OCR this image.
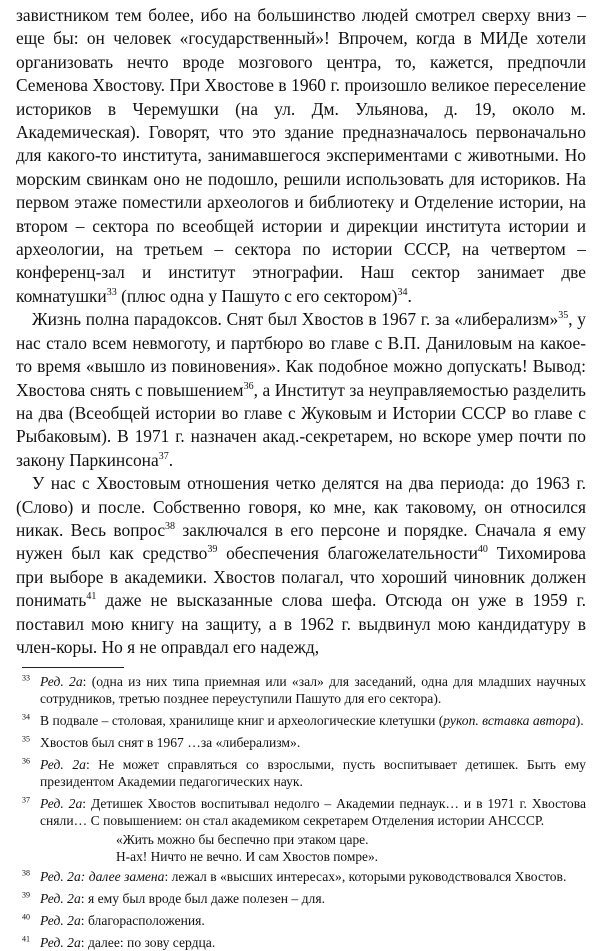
завистником тем более, ибо на большинство людей смотрел сверху вниз – еще бы: он человек «государственный»! Впрочем, когда в МИДе хотели организовать нечто вроде мозгового центра, то, кажется, предпочли Семенова Хвостову. При Хвостове в 1960 г. произошло великое переселение историков в Черемушки (на ул. Дм. Ульянова, д. 19, около м. Академическая). Говорят, что это здание предназначалось первоначально для какого-то института, занимавшегося экспериментами с животными. Но морским свинкам оно не подошло, решили использовать для историков. На первом этаже поместили археологов и библиотеку и Отделение истории, на втором – сектора по всеобщей истории и дирекции института истории и археологии, на третьем – сектора по истории СССР, на четвертом – конференц-зал и институт этнографии. Наш сектор занимает две комнатушки$^{33}$ (плюс одна у Пашуто с его сектором)$^{34}$.

Жизнь полна парадоксов. Снят был Хвостов в 1967 г. за «либерализм»$^{35}$, у нас стало всем невмоготу, и партбюро во главе с В.П. Даниловым на какое-то время «вышло из повиновения». Как подобное можно допускать! Вывод: Хвостова снять с повышением$^{36}$, а Институт за неуправляемостью разделить на два (Всеобщей истории во главе с Жуковым и Истории СССР во главе с Рыбаковым). В 1971 г. назначен акад.-секретарем, но вскоре умер почти по закону Паркинсона$^{37}$.

У нас с Хвостовым отношения четко делятся на два периода: до 1963 г. (Слово) и после. Собственно говоря, ко мне, как таковому, он относился никак. Весь вопрос$^{38}$ заключался в его персоне и порядке. Сначала я ему нужен был как средство$^{39}$ обеспечения благожелательности$^{40}$ Тихомирова при выборе в академики. Хвостов полагал, что хороший чиновник должен понимать$^{41}$ даже не высказанные слова шефа. Отсюда он уже в 1959 г. поставил мою книгу на защиту, а в 1962 г. выдвинул мою кандидатуру в член-коры. Но я не оправдал его надежд,

$^{33}$ Ред. 2а: (одна из них типа приемная или «зал» для заседаний, одна для младших научных сотрудников, третью позднее переуступили Пашуто для его сектора).
$^{34}$ В подвале – столовая, хранилище книг и археологические клетушки (рукоп. вставка автора).
$^{35}$ Хвостов был снят в 1967 …за «либерализм».
$^{36}$ Ред. 2а: Не может справляться со взрослыми, пусть воспитывает детишек. Быть ему президентом Академии педагогических наук.
$^{37}$ Ред. 2а: Детишек Хвостов воспитывал недолго – Академии педнаук… и в 1971 г. Хвостова сняли… С повышением: он стал академиком секретарем Отделения истории АНСССР.
«Жить можно бы беспечно при этаком царе.
Н-ах! Ничто не вечно. И сам Хвостов помре».
$^{38}$ Ред. 2а: далее замена: лежал в «высших интересах», которыми руководствовался Хвостов.
$^{39}$ Ред. 2а: я ему был вроде был даже полезен – для.
$^{40}$ Ред. 2а: благорасположения.
$^{41}$ Ред. 2а: далее: по зову сердца.
